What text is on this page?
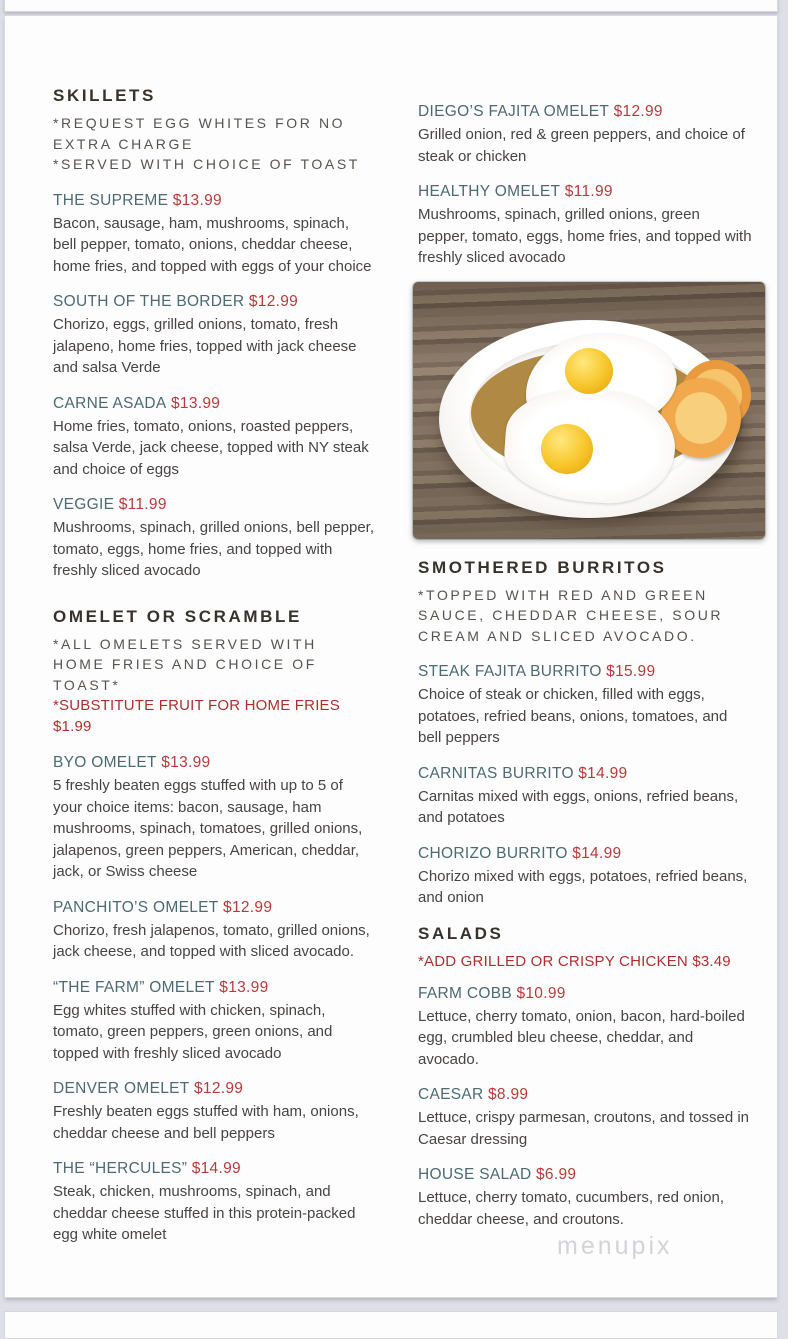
SKILLETS
*REQUEST EGG WHITES FOR NO EXTRA CHARGE
*SERVED WITH CHOICE OF TOAST
THE SUPREME $13.99
Bacon, sausage, ham, mushrooms, spinach, bell pepper, tomato, onions, cheddar cheese, home fries, and topped with eggs of your choice
SOUTH OF THE BORDER $12.99
Chorizo, eggs, grilled onions, tomato, fresh jalapeno, home fries, topped with jack cheese and salsa Verde
CARNE ASADA $13.99
Home fries, tomato, onions, roasted peppers, salsa Verde, jack cheese, topped with NY steak and choice of eggs
VEGGIE $11.99
Mushrooms, spinach, grilled onions, bell pepper, tomato, eggs, home fries, and topped with freshly sliced avocado
OMELET OR SCRAMBLE
*ALL OMELETS SERVED WITH HOME FRIES AND CHOICE OF TOAST*
*SUBSTITUTE FRUIT FOR HOME FRIES $1.99
BYO OMELET $13.99
5 freshly beaten eggs stuffed with up to 5 of your choice items: bacon, sausage, ham mushrooms, spinach, tomatoes, grilled onions, jalapenos, green peppers, American, cheddar, jack, or Swiss cheese
PANCHITO’S OMELET $12.99
Chorizo, fresh jalapenos, tomato, grilled onions, jack cheese, and topped with sliced avocado.
“THE FARM” OMELET $13.99
Egg whites stuffed with chicken, spinach, tomato, green peppers, green onions, and topped with freshly sliced avocado
DENVER OMELET $12.99
Freshly beaten eggs stuffed with ham, onions, cheddar cheese and bell peppers
THE “HERCULES” $14.99
Steak, chicken, mushrooms, spinach, and cheddar cheese stuffed in this protein-packed egg white omelet
DIEGO’S FAJITA OMELET $12.99
Grilled onion, red & green peppers, and choice of steak or chicken
HEALTHY OMELET $11.99
Mushrooms, spinach, grilled onions, green pepper, tomato, eggs, home fries, and topped with freshly sliced avocado
SMOTHERED BURRITOS
*TOPPED WITH RED AND GREEN SAUCE, CHEDDAR CHEESE, SOUR CREAM AND SLICED AVOCADO.
STEAK FAJITA BURRITO $15.99
Choice of steak or chicken, filled with eggs, potatoes, refried beans, onions, tomatoes, and bell peppers
CARNITAS BURRITO $14.99
Carnitas mixed with eggs, onions, refried beans, and potatoes
CHORIZO BURRITO $14.99
Chorizo mixed with eggs, potatoes, refried beans, and onion
SALADS
*ADD GRILLED OR CRISPY CHICKEN $3.49
FARM COBB $10.99
Lettuce, cherry tomato, onion, bacon, hard-boiled egg, crumbled bleu cheese, cheddar, and avocado.
CAESAR $8.99
Lettuce, crispy parmesan, croutons, and tossed in Caesar dressing
HOUSE SALAD $6.99
Lettuce, cherry tomato, cucumbers, red onion, cheddar cheese, and croutons.
menupix
